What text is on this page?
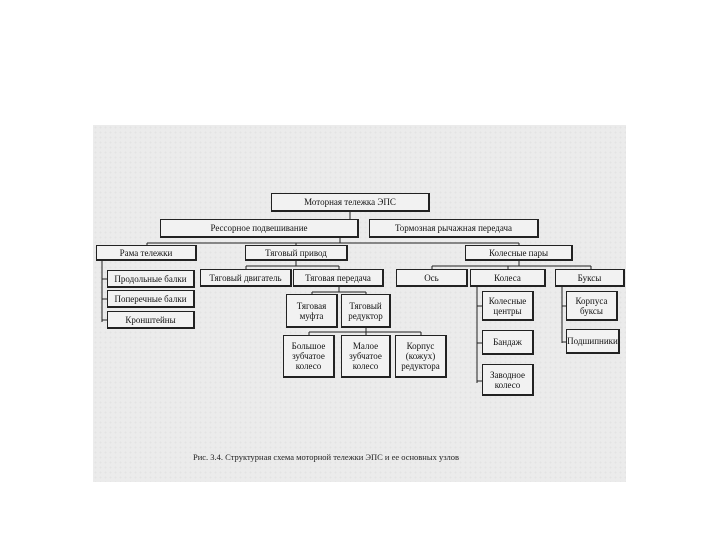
Моторная тележка ЭПС
Рессорное подвешивание	Тормозная рычажная передача
Рама тележки	Тяговый привод	Колесные пары
Продольные балки
Поперечные балки
Кронштейны
Тяговый двигатель	Тяговая передача
Тяговая
муфта
Тяговый
редуктор
Большое
зубчатое
колесо
Малое
зубчатое
колесо
Корпус
(кожух)
редуктора
Ось	Колеса	Буксы
Колесные
центры
Бандаж
Заводное
колесо
Корпуса
буксы
Подшипники
Рис. 3.4. Структурная схема моторной тележки ЭПС и ее основных узлов
